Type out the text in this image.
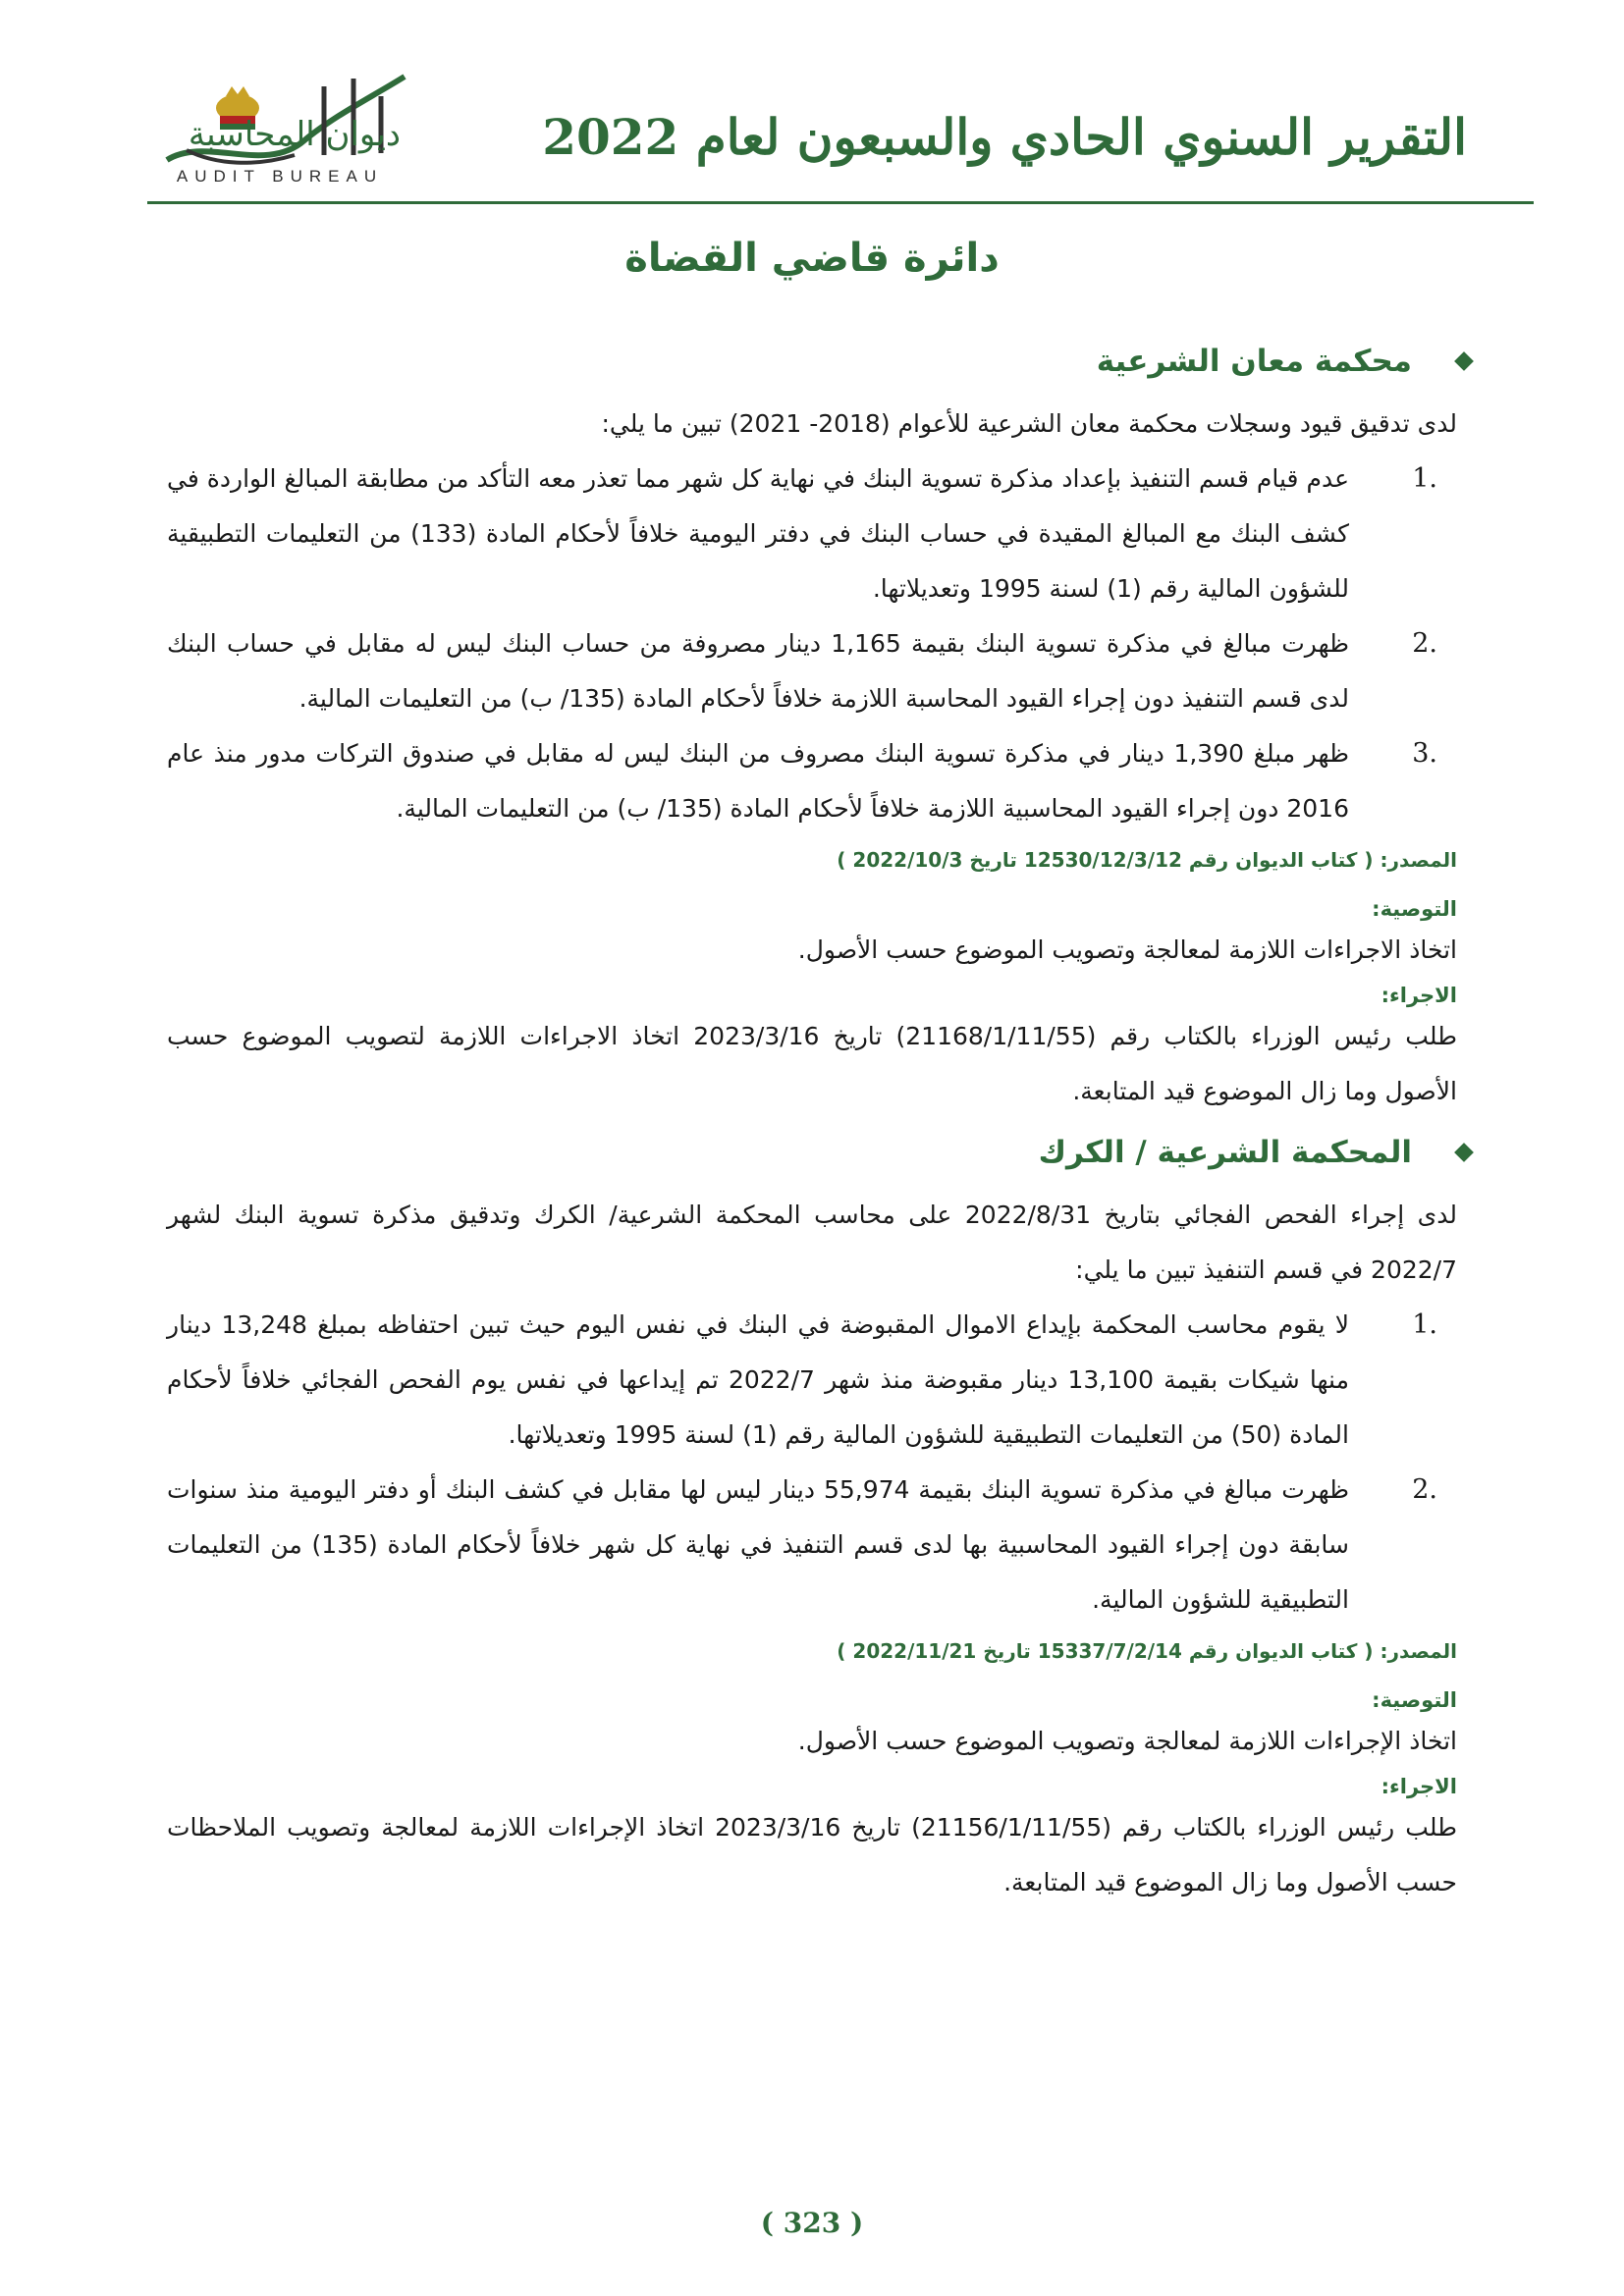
التقرير السنوي الحادي والسبعون لعام 2022
ديوان المحاسبة
AUDIT BUREAU
دائرة قاضي القضاة
محكمة معان الشرعية

لدى تدقيق قيود وسجلات محكمة معان الشرعية للأعوام (2018- 2021) تبين ما يلي:

.1
عدم قيام قسم التنفيذ بإعداد مذكرة تسوية البنك في نهاية كل شهر مما تعذر معه التأكد من مطابقة المبالغ الواردة في كشف البنك مع المبالغ المقيدة في حساب البنك في دفتر اليومية خلافاً لأحكام المادة (133) من التعليمات التطبيقية للشؤون المالية رقم (1) لسنة 1995 وتعديلاتها.
.2
ظهرت مبالغ في مذكرة تسوية البنك بقيمة 1,165 دينار مصروفة من حساب البنك ليس له مقابل في حساب البنك لدى قسم التنفيذ دون إجراء القيود المحاسبة اللازمة خلافاً لأحكام المادة (135/ ب) من التعليمات المالية.
.3
ظهر مبلغ 1,390 دينار في مذكرة تسوية البنك مصروف من البنك ليس له مقابل في صندوق التركات مدور منذ عام 2016 دون إجراء القيود المحاسبية اللازمة خلافاً لأحكام المادة (135/ ب) من التعليمات المالية.
المصدر: ( كتاب الديوان رقم 12530/12/3/12 تاريخ 2022/10/3 )
التوصية:

اتخاذ الاجراءات اللازمة لمعالجة وتصويب الموضوع حسب الأصول.

الاجراء:

طلب رئيس الوزراء بالكتاب رقم (21168/1/11/55) تاريخ 2023/3/16 اتخاذ الاجراءات اللازمة لتصويب الموضوع حسب الأصول وما زال الموضوع قيد المتابعة.

المحكمة الشرعية / الكرك

لدى إجراء الفحص الفجائي بتاريخ 2022/8/31 على محاسب المحكمة الشرعية/ الكرك وتدقيق مذكرة تسوية البنك لشهر 2022/7 في قسم التنفيذ تبين ما يلي:

.1
لا يقوم محاسب المحكمة بإيداع الاموال المقبوضة في البنك في نفس اليوم حيث تبين احتفاظه بمبلغ 13,248 دينار منها شيكات بقيمة 13,100 دينار مقبوضة منذ شهر 2022/7 تم إيداعها في نفس يوم الفحص الفجائي خلافاً لأحكام المادة (50) من التعليمات التطبيقية للشؤون المالية رقم (1) لسنة 1995 وتعديلاتها.
.2
ظهرت مبالغ في مذكرة تسوية البنك بقيمة 55,974 دينار ليس لها مقابل في كشف البنك أو دفتر اليومية منذ سنوات سابقة دون إجراء القيود المحاسبية بها لدى قسم التنفيذ في نهاية كل شهر خلافاً لأحكام المادة (135) من التعليمات التطبيقية للشؤون المالية.
المصدر: ( كتاب الديوان رقم 15337/7/2/14 تاريخ 2022/11/21 )
التوصية:

اتخاذ الإجراءات اللازمة لمعالجة وتصويب الموضوع حسب الأصول.

الاجراء:

طلب رئيس الوزراء بالكتاب رقم (21156/1/11/55) تاريخ 2023/3/16 اتخاذ الإجراءات اللازمة لمعالجة وتصويب الملاحظات حسب الأصول وما زال الموضوع قيد المتابعة.

( 323 )
